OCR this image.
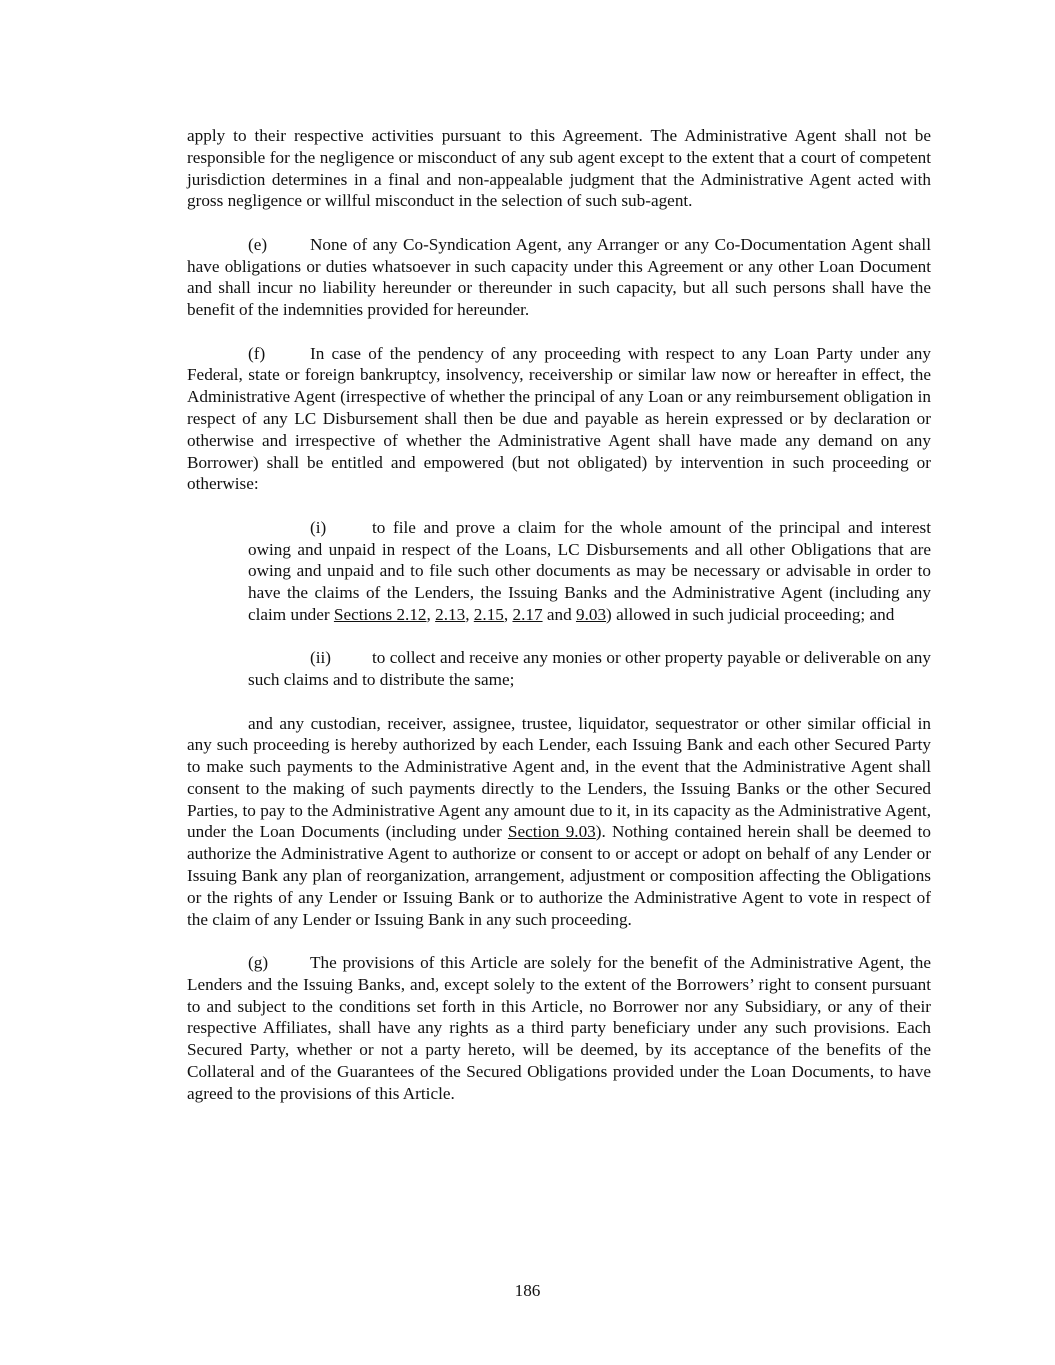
apply to their respective activities pursuant to this Agreement. The Administrative Agent shall not be responsible for the negligence or misconduct of any sub agent except to the extent that a court of competent jurisdiction determines in a final and non-appealable judgment that the Administrative Agent acted with gross negligence or willful misconduct in the selection of such sub-agent.

(e) None of any Co-Syndication Agent, any Arranger or any Co-Documentation Agent shall have obligations or duties whatsoever in such capacity under this Agreement or any other Loan Document and shall incur no liability hereunder or thereunder in such capacity, but all such persons shall have the benefit of the indemnities provided for hereunder.

(f)	In case of the pendency of any proceeding with respect to any Loan Party under any Federal, state or foreign bankruptcy, insolvency, receivership or similar law now or hereafter in effect, the Administrative Agent (irrespective of whether the principal of any Loan or any reimbursement obligation in respect of any LC Disbursement shall then be due and payable as herein expressed or by declaration or otherwise and irrespective of whether the Administrative Agent shall have made any demand on any Borrower) shall be entitled and empowered (but not obligated) by intervention in such proceeding or otherwise:

(i)	to file and prove a claim for the whole amount of the principal and interest owing and unpaid in respect of the Loans, LC Disbursements and all other Obligations that are owing and unpaid and to file such other documents as may be necessary or advisable in order to have the claims of the Lenders, the Issuing Banks and the Administrative Agent (including any claim under Sections 2.12, 2.13, 2.15, 2.17 and 9.03) allowed in such judicial proceeding; and

(ii) to collect and receive any monies or other property payable or deliverable on any such claims and to distribute the same;

and any custodian, receiver, assignee, trustee, liquidator, sequestrator or other similar official in any such proceeding is hereby authorized by each Lender, each Issuing Bank and each other Secured Party to make such payments to the Administrative Agent and, in the event that the Administrative Agent shall consent to the making of such payments directly to the Lenders, the Issuing Banks or the other Secured Parties, to pay to the Administrative Agent any amount due to it, in its capacity as the Administrative Agent, under the Loan Documents (including under Section 9.03). Nothing contained herein shall be deemed to authorize the Administrative Agent to authorize or consent to or accept or adopt on behalf of any Lender or Issuing Bank any plan of reorganization, arrangement, adjustment or composition affecting the Obligations or the rights of any Lender or Issuing Bank or to authorize the Administrative Agent to vote in respect of the claim of any Lender or Issuing Bank in any such proceeding.

(g) The provisions of this Article are solely for the benefit of the Administrative Agent, the Lenders and the Issuing Banks, and, except solely to the extent of the Borrowers’ right to consent pursuant to and subject to the conditions set forth in this Article, no Borrower nor any Subsidiary, or any of their respective Affiliates, shall have any rights as a third party beneficiary under any such provisions. Each Secured Party, whether or not a party hereto, will be deemed, by its acceptance of the benefits of the Collateral and of the Guarantees of the Secured Obligations provided under the Loan Documents, to have agreed to the provisions of this Article.

186
